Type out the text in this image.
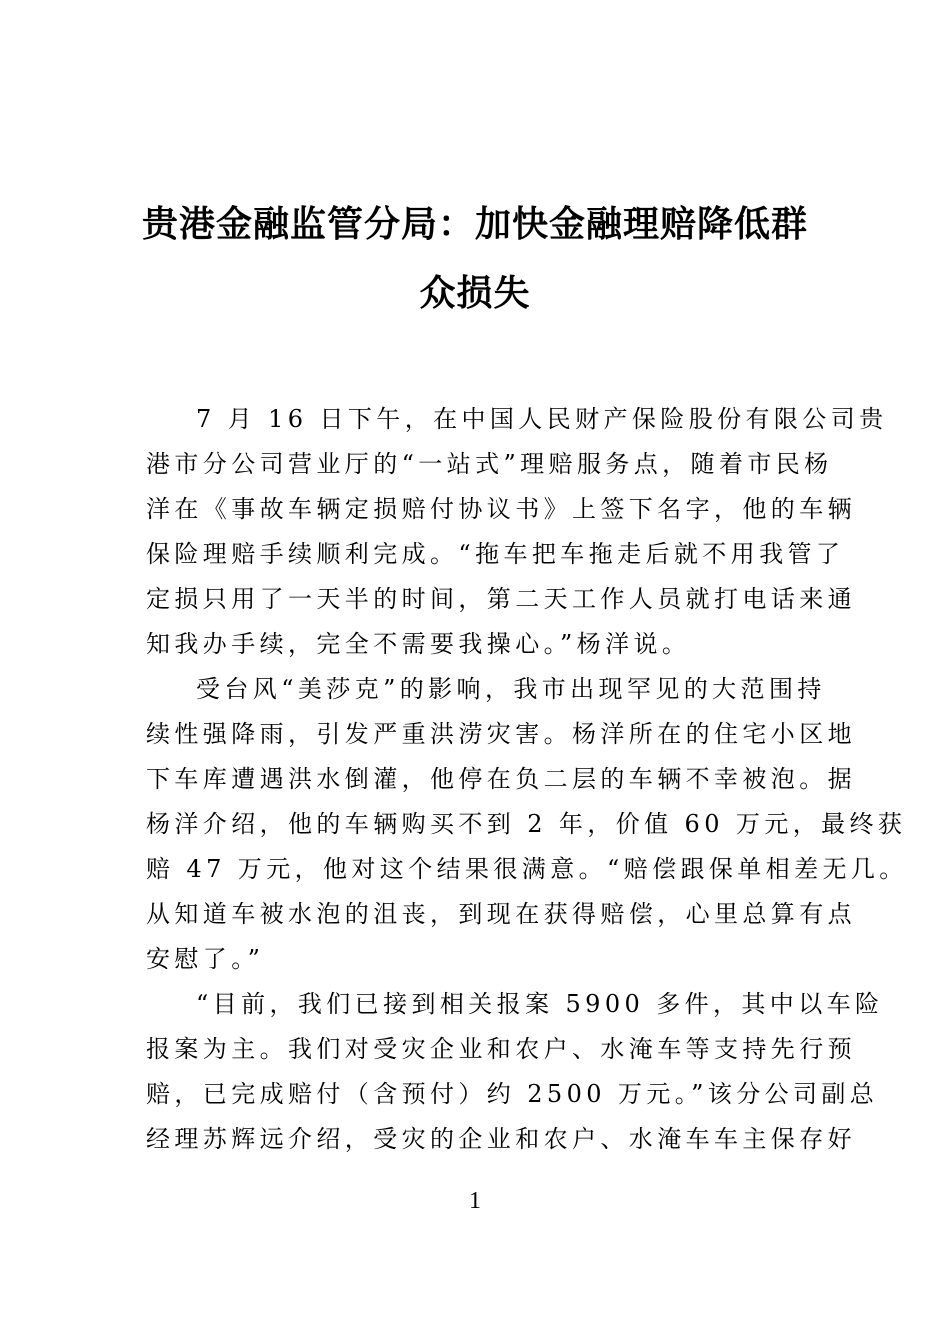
贵港金融监管分局：加快金融理赔降低群
众损失
7 月 16 日下午，在中国人民财产保险股份有限公司贵
港市分公司营业厅的“一站式”理赔服务点，随着市民杨
洋在《事故车辆定损赔付协议书》上签下名字，他的车辆
保险理赔手续顺利完成。“拖车把车拖走后就不用我管了
定损只用了一天半的时间，第二天工作人员就打电话来通
知我办手续，完全不需要我操心。”杨洋说。
受台风“美莎克”的影响，我市出现罕见的大范围持
续性强降雨，引发严重洪涝灾害。杨洋所在的住宅小区地
下车库遭遇洪水倒灌，他停在负二层的车辆不幸被泡。据
杨洋介绍，他的车辆购买不到 2 年，价值 60 万元，最终获
赔 47 万元，他对这个结果很满意。“赔偿跟保单相差无几。
从知道车被水泡的沮丧，到现在获得赔偿，心里总算有点
安慰了。”
“目前，我们已接到相关报案 5900 多件，其中以车险
报案为主。我们对受灾企业和农户、水淹车等支持先行预
赔，已完成赔付（含预付）约 2500 万元。”该分公司副总
经理苏辉远介绍，受灾的企业和农户、水淹车车主保存好
1
